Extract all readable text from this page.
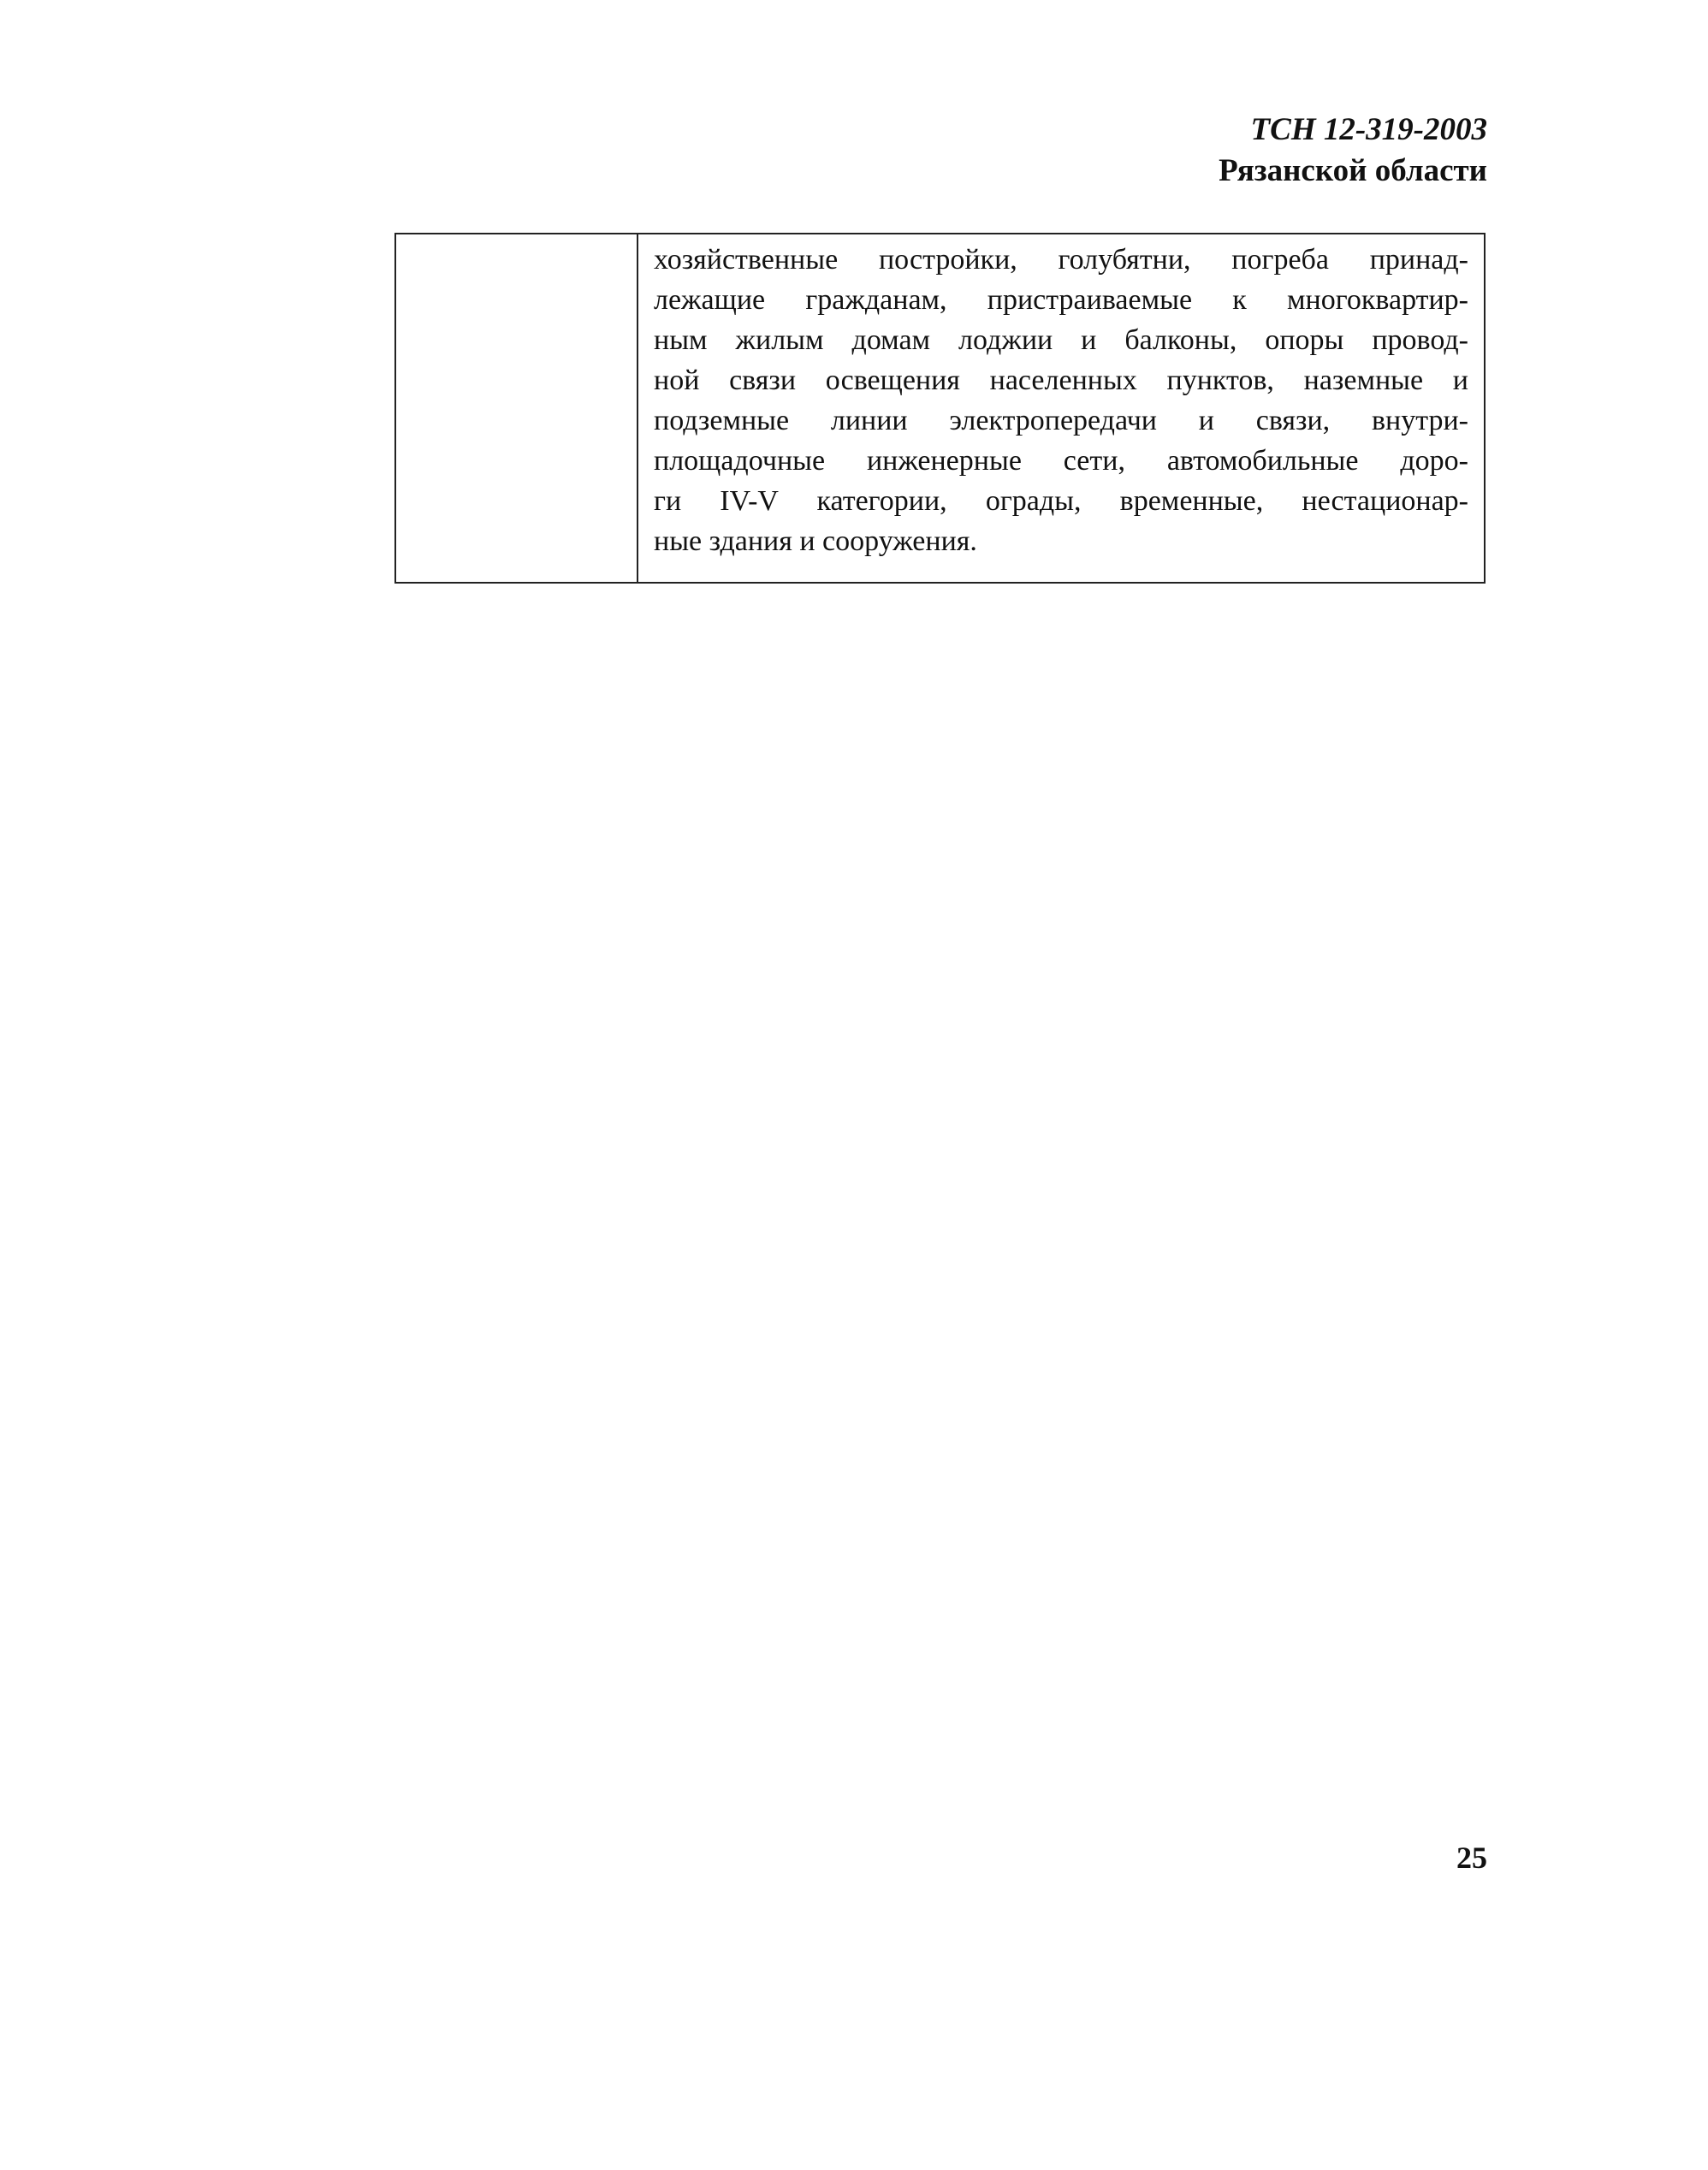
ТСН 12-319-2003
Рязанской области

хозяйственные постройки, голубятни, погреба принад-
лежащие гражданам, пристраиваемые к многоквартир-
ным жилым домам лоджии и балконы, опоры провод-
ной связи освещения населенных пунктов, наземные и
подземные линии электропередачи и связи, внутри-
площадочные инженерные сети, автомобильные доро-
ги IV-V категории, ограды, временные, нестационар-
ные здания и сооружения.
25
